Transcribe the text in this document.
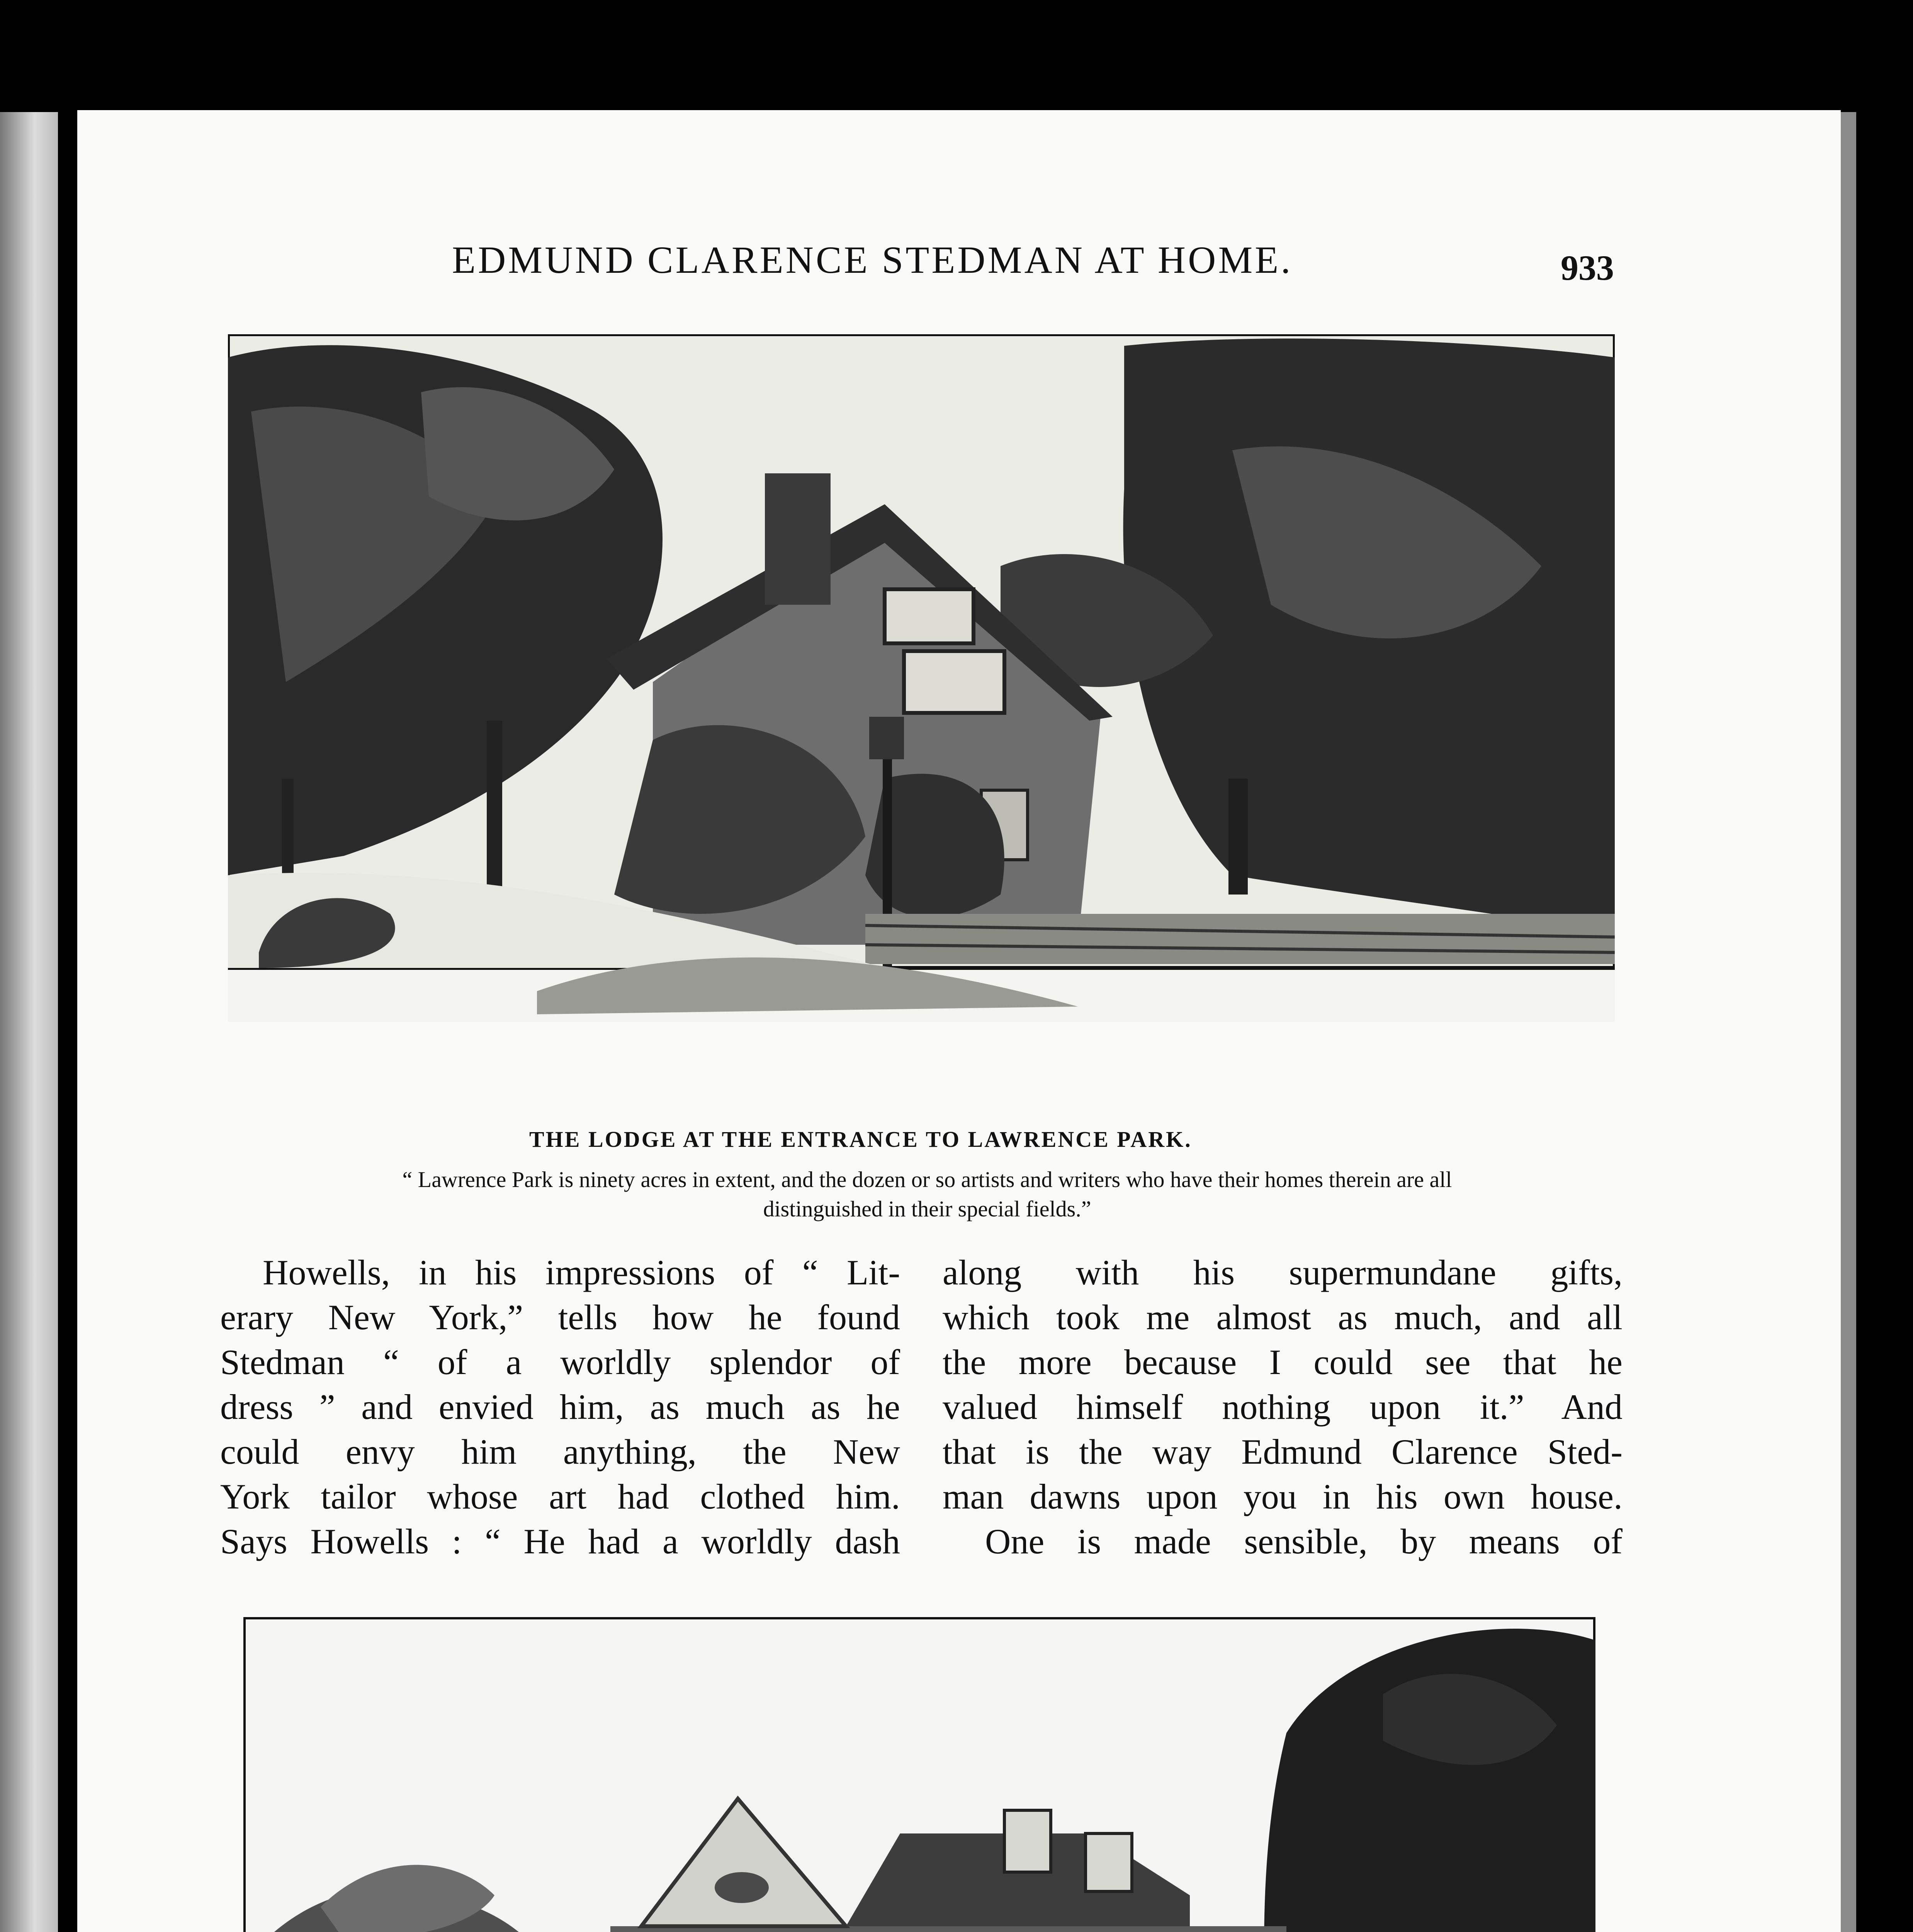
EDMUND CLARENCE STEDMAN AT HOME.	933
THE LODGE AT THE ENTRANCE TO LAWRENCE PARK.
“ Lawrence Park is ninety acres in extent, and the dozen or so artists and writers who have their homes therein are all
distinguished in their special fields.”
Howells, in his impressions of “ Lit-
erary New York,” tells how he found
Stedman “ of a worldly splendor of
dress ” and envied him, as much as he
could envy him anything, the New
York tailor whose art had clothed him.
Says Howells : “ He had a worldly dash
along with his supermundane gifts,
which took me almost as much, and all
the more because I could see that he
valued himself nothing upon it.” And
that is the way Edmund Clarence Sted-
man dawns upon you in his own house.
One is made sensible, by means of
